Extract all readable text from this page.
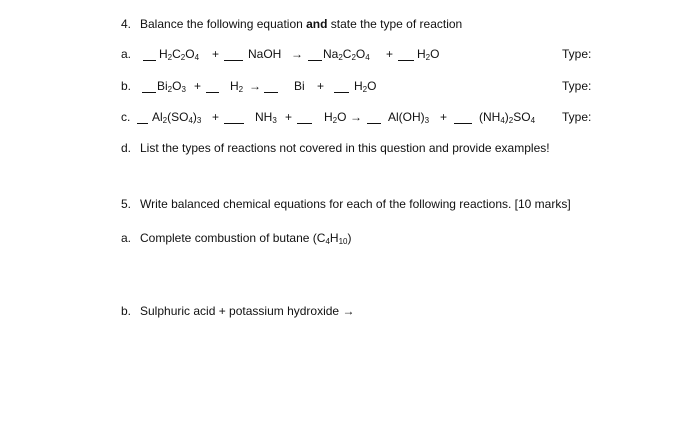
4. Balance the following equation and state the type of reaction
a. $H_2C_2O_4$ + NaOH → $Na_2C_2O_4 + H_2O$	Type:
b. $Bi_2O_3 + H_2$ →	$Bi + H_2O$	Type:
c. $Al_2(SO_4)_3$ +	$NH_3$ +	$H_2O \to Al(OH)_3$ +	$(NH_4)_2SO_4$ Type:
d. List the types of reactions not covered in this question and provide examples!
5. Write balanced chemical equations for each of the following reactions. [10 marks]
a. Complete combustion of butane $(C_4H_{10})$
b. Sulphuric acid + potassium hydroxide →
